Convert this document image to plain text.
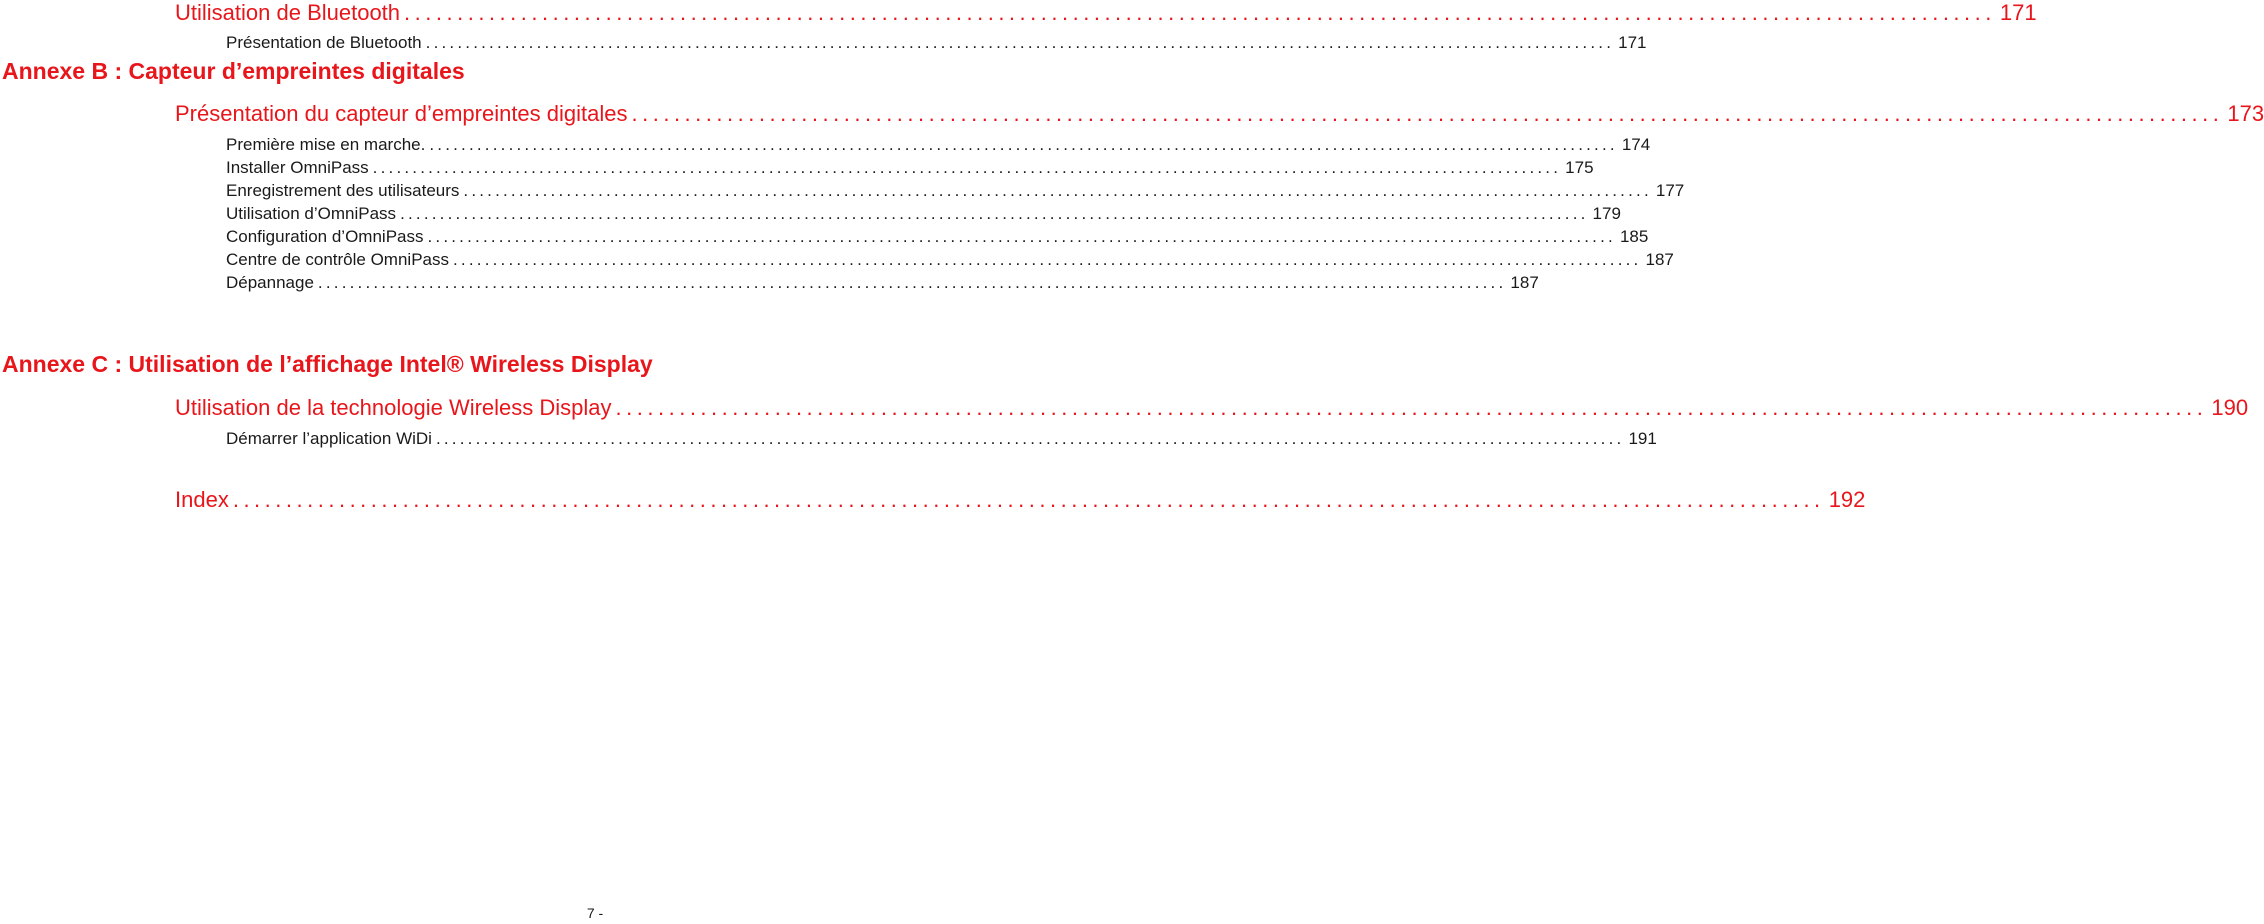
Utilisation de Bluetooth ...................................................................................................................................................... 171
Présentation de Bluetooth ...................................................................................................................................................... 171
Annexe B : Capteur d’empreintes digitales
Présentation du capteur d’empreintes digitales ...................................................................................................................................................... 173
Première mise en marche. ...................................................................................................................................................... 174
Installer OmniPass ...................................................................................................................................................... 175
Enregistrement des utilisateurs ...................................................................................................................................................... 177
Utilisation d’OmniPass ...................................................................................................................................................... 179
Configuration d’OmniPass ...................................................................................................................................................... 185
Centre de contrôle OmniPass ...................................................................................................................................................... 187
Dépannage ...................................................................................................................................................... 187
Annexe C : Utilisation de l’affichage Intel® Wireless Display
Utilisation de la technologie Wireless Display ...................................................................................................................................................... 190
Démarrer l’application WiDi ...................................................................................................................................................... 191
Index ...................................................................................................................................................... 192
7 -
